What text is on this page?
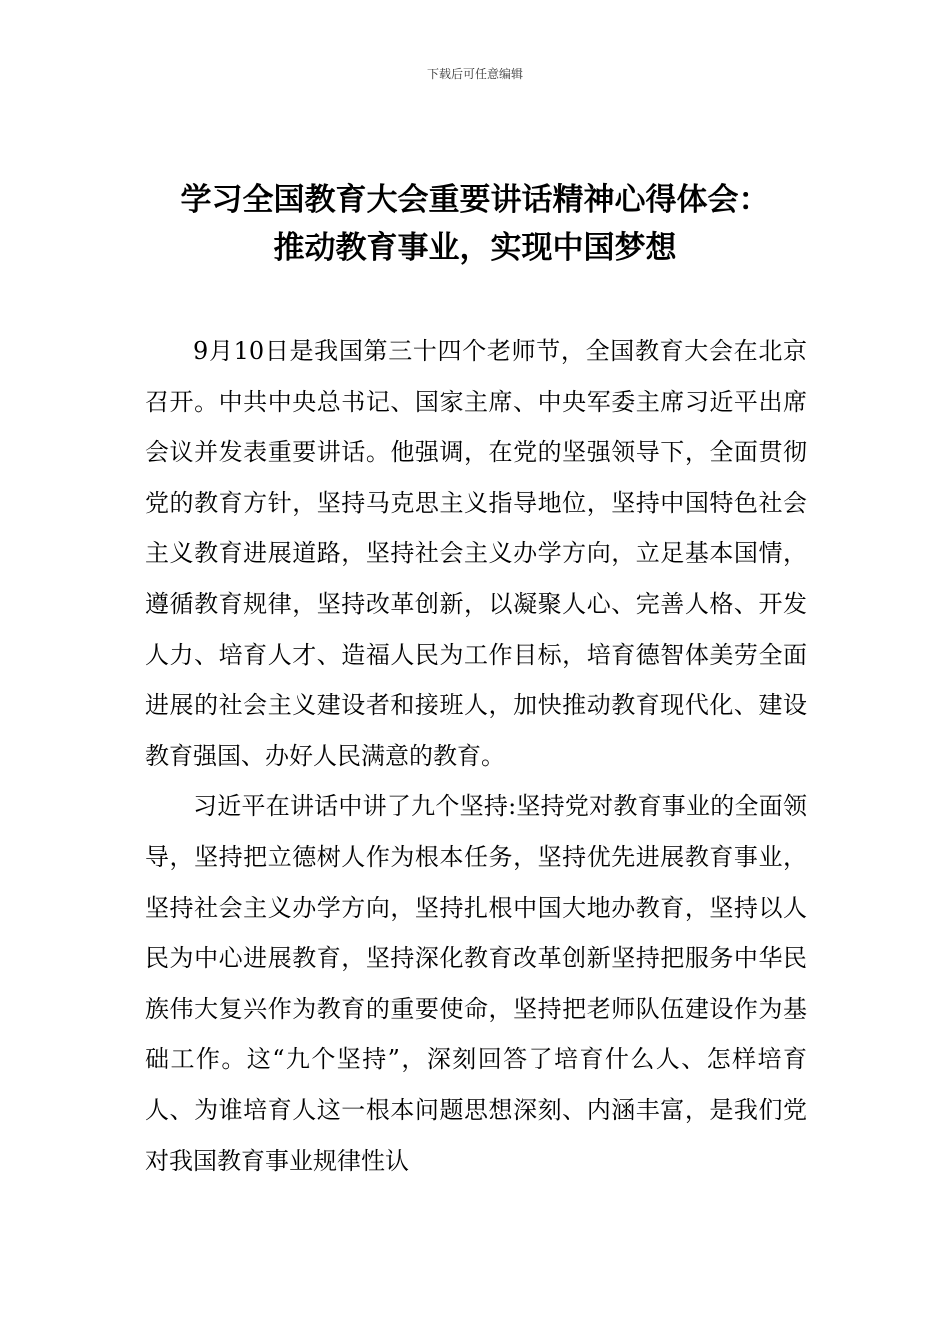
下载后可任意编辑
学习全国教育大会重要讲话精神心得体会：
推动教育事业，实现中国梦想

9月10日是我国第三十四个老师节，全国教育大会在北京召开。中共中央总书记、国家主席、中央军委主席习近平出席会议并发表重要讲话。他强调，在党的坚强领导下，全面贯彻党的教育方针，坚持马克思主义指导地位，坚持中国特色社会主义教育进展道路，坚持社会主义办学方向，立足基本国情，遵循教育规律，坚持改革创新，以凝聚人心、完善人格、开发人力、培育人才、造福人民为工作目标，培育德智体美劳全面进展的社会主义建设者和接班人，加快推动教育现代化、建设教育强国、办好人民满意的教育。

习近平在讲话中讲了九个坚持:坚持党对教育事业的全面领导，坚持把立德树人作为根本任务，坚持优先进展教育事业，坚持社会主义办学方向，坚持扎根中国大地办教育，坚持以人民为中心进展教育，坚持深化教育改革创新坚持把服务中华民族伟大复兴作为教育的重要使命，坚持把老师队伍建设作为基础工作。这“九个坚持”，深刻回答了培育什么人、怎样培育人、为谁培育人这一根本问题思想深刻、内涵丰富，是我们党对我国教育事业规律性认
